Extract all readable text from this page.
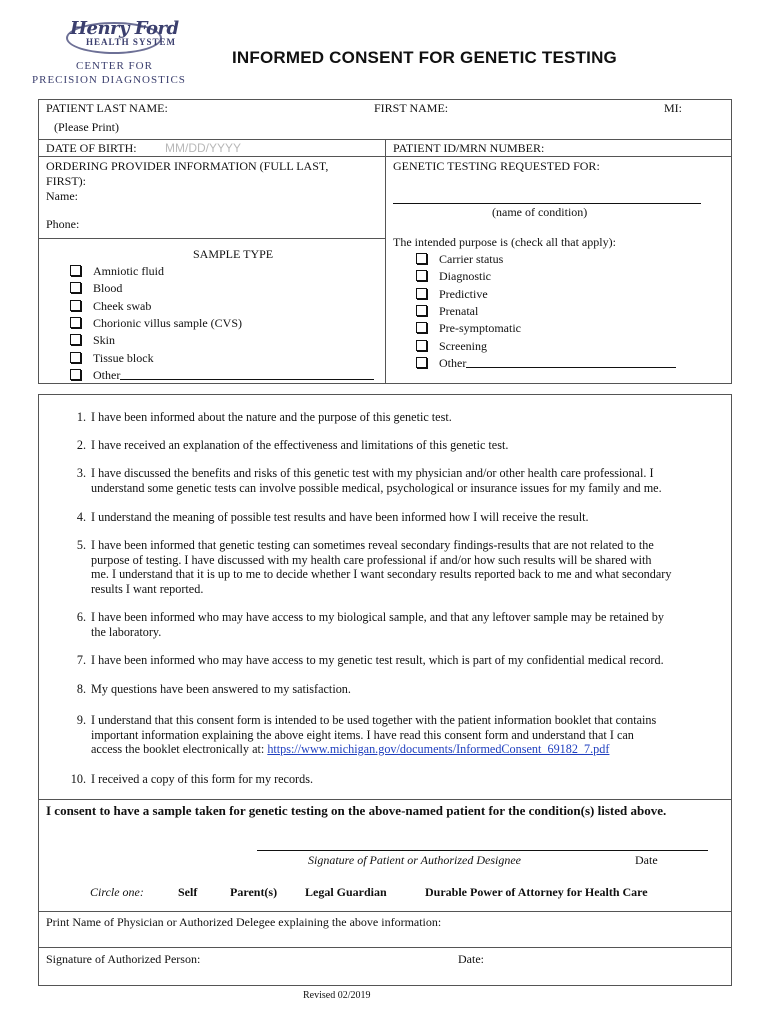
Henry Ford
HEALTH SYSTEM
CENTER FOR
PRECISION DIAGNOSTICS
INFORMED CONSENT FOR GENETIC TESTING
PATIENT LAST NAME:
(Please Print)
FIRST NAME:	MI:
DATE OF BIRTH: MM/DD/YYYY	PATIENT ID/MRN NUMBER:
ORDERING PROVIDER INFORMATION (FULL LAST,
FIRST):
Name:
Phone:
GENETIC TESTING REQUESTED FOR:
(name of condition)
The intended purpose is (check all that apply):
SAMPLE TYPE
Amniotic fluid
Blood
Cheek swab
Chorionic villus sample (CVS)
Skin
Tissue block
Other
Carrier status
Diagnostic
Predictive
Prenatal
Pre-symptomatic
Screening
Other
1. I have been informed about the nature and the purpose of this genetic test.
2. I have received an explanation of the effectiveness and limitations of this genetic test.
3. I have discussed the benefits and risks of this genetic test with my physician and/or other health care professional. I
understand some genetic tests can involve possible medical, psychological or insurance issues for my family and me.
4. I understand the meaning of possible test results and have been informed how I will receive the result.
5. I have been informed that genetic testing can sometimes reveal secondary findings-results that are not related to the
purpose of testing. I have discussed with my health care professional if and/or how such results will be shared with
me. I understand that it is up to me to decide whether I want secondary results reported back to me and what secondary
results I want reported.
6. I have been informed who may have access to my biological sample, and that any leftover sample may be retained by
the laboratory.
7. I have been informed who may have access to my genetic test result, which is part of my confidential medical record.
8. My questions have been answered to my satisfaction.
9. I understand that this consent form is intended to be used together with the patient information booklet that contains
important information explaining the above eight items. I have read this consent form and understand that I can
access the booklet electronically at: https://www.michigan.gov/documents/InformedConsent_69182_7.pdf
10. I received a copy of this form for my records.
I consent to have a sample taken for genetic testing on the above-named patient for the condition(s) listed above.
Signature of Patient or Authorized Designee	Date
Circle one:	Self	Parent(s) Legal Guardian	Durable Power of Attorney for Health Care
Print Name of Physician or Authorized Delegee explaining the above information:
Signature of Authorized Person:	Date:
Revised 02/2019
